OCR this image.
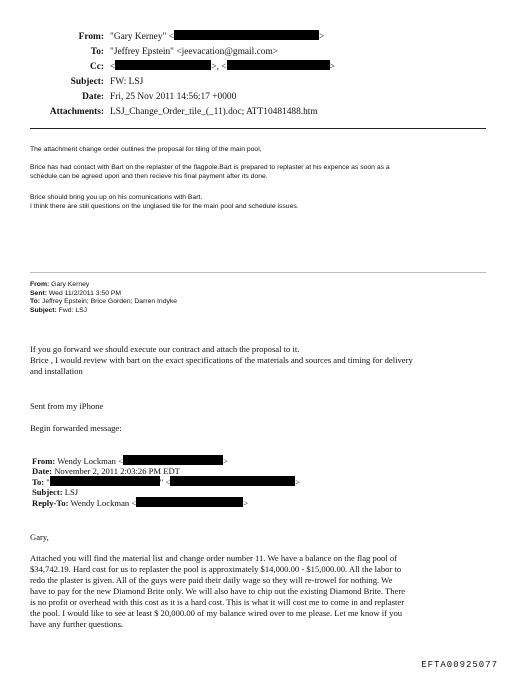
From: "Gary Kerney" <	>
To: "Jeffrey Epstein" <jeevacation@gmail.com>
Cc: <	>, <	>
Subject: FW: LSJ
Date: Fri, 25 Nov 2011 14:56:17 +0000
Attachments: LSJ_Change_Order_tile_(_11).doc; ATT10481488.htm
The attachment change order outlines the proposal for tiling of the main pool,
Brice has had contact with Bart on the replaster of the flagpole.Bart is prepared to replaster at his expence as soon as a
schedule can be agreed upon and then recieve his final payment after its done.
Brice should bring you up on his comunications with Bart.
I think there are still questions on the unglased tile for the main pool and schedule issues.
From: Gary Kerney
Sent: Wed 11/2/2011 3:50 PM
To: Jeffrey Epstein; Brice Gorden; Darren Indyke
Subject: Fwd: LSJ
If you go forward we should execute our contract and attach the proposal to it.
Brice , I would review with bart on the exact specifications of the materials and sources and timing for delivery
and installation
Sent from my iPhone
Begin forwarded message:
From: Wendy Lockman <	>
Date: November 2, 2011 2:03:26 PM EDT
To: "	" <	>
Subject: LSJ
Reply-To: Wendy Lockman <	>
Gary,
Attached you will find the material list and change order number 11. We have a balance on the flag pool of
$34,742.19. Hard cost for us to replaster the pool is approximately $14,000.00 - $15,000.00. All the labor to
redo the plaster is given. All of the guys were paid their daily wage so they will re-trowel for nothing. We
have to pay for the new Diamond Brite only. We will also have to chip out the existing Diamond Brite. There
is no profit or overhead with this cost as it is a hard cost. This is what it will cost me to come in and replaster
the pool. I would like to see at least $ 20,000.00 of my balance wired over to me please. Let me know if you
have any further questions.
EFTA00925077
